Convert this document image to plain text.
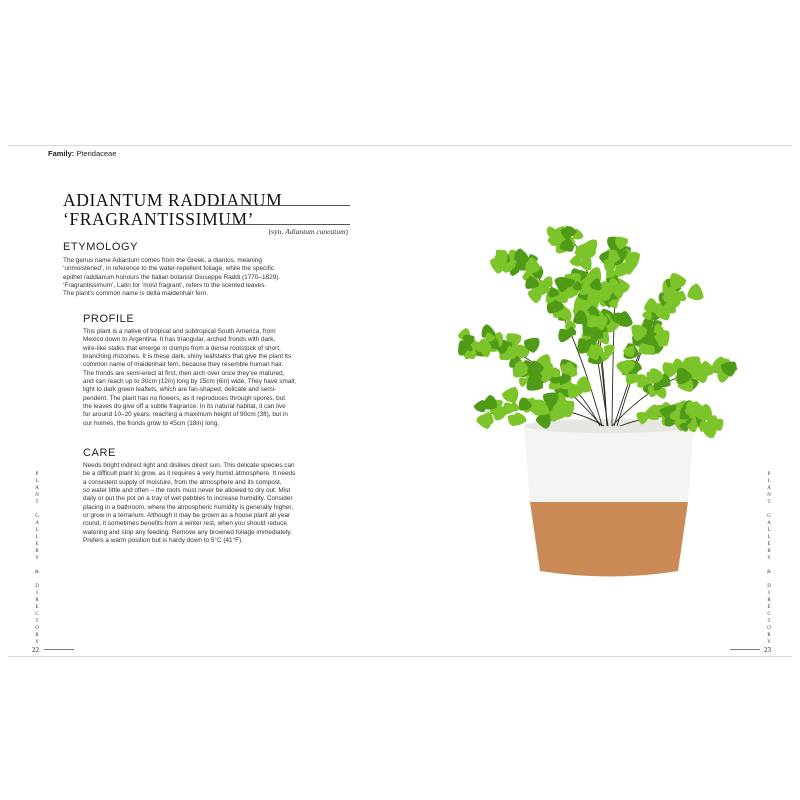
Family: Pteridaceae
ADIANTUM RADDIANUM
‘FRAGRANTISSIMUM’
(syn. Adiantum cuneatum)
ETYMOLOGY
The genus name Adiantum comes from the Greek, a diantos, meaning
‘unmoistened’, in reference to the water-repellent foliage, while the specific
epithet raddianum honours the Italian botanist Giuseppe Raddi (1770–1829).
‘Fragrantissimum’, Latin for ‘most fragrant’, refers to the scented leaves.
The plant’s common name is delta maidenhair fern.
PROFILE
This plant is a native of tropical and subtropical South America, from
Mexico down to Argentina. It has triangular, arched fronds with dark,
wire-like stalks that emerge in clumps from a dense rootstock of short,
branching rhizomes. It is these dark, shiny leafstalks that give the plant its
common name of maidenhair fern, because they resemble human hair.
The fronds are semi-erect at first, then arch over once they’ve matured,
and can reach up to 30cm (12in) long by 15cm (6in) wide. They have small,
light to dark green leaflets, which are fan-shaped, delicate and semi-
pendent. The plant has no flowers, as it reproduces through spores, but
the leaves do give off a subtle fragrance. In its natural habitat, it can live
for around 10–20 years, reaching a maximum height of 90cm (3ft), but in
our homes, the fronds grow to 45cm (18in) long.
CARE
Needs bright indirect light and dislikes direct sun. This delicate species can
be a difficult plant to grow, as it requires a very humid atmosphere. It needs
a consistent supply of moisture, from the atmosphere and its compost,
so water little and often – the roots must never be allowed to dry out. Mist
daily or put the pot on a tray of wet pebbles to increase humidity. Consider
placing in a bathroom, where the atmospheric humidity is generally higher,
or grow in a terrarium. Although it may be grown as a house plant all year
round, it sometimes benefits from a winter rest, when you should reduce
watering and stop any feeding. Remove any browned foliage immediately.
Prefers a warm position but is hardy down to 5°C (41°F).
P
L
A
N
T

G
A
L
L
E
R
Y

&

D
I
R
E
C
T
O
R
Y
22
P
L
A
N
T

G
A
L
L
E
R
Y

&

D
I
R
E
C
T
O
R
Y
23
